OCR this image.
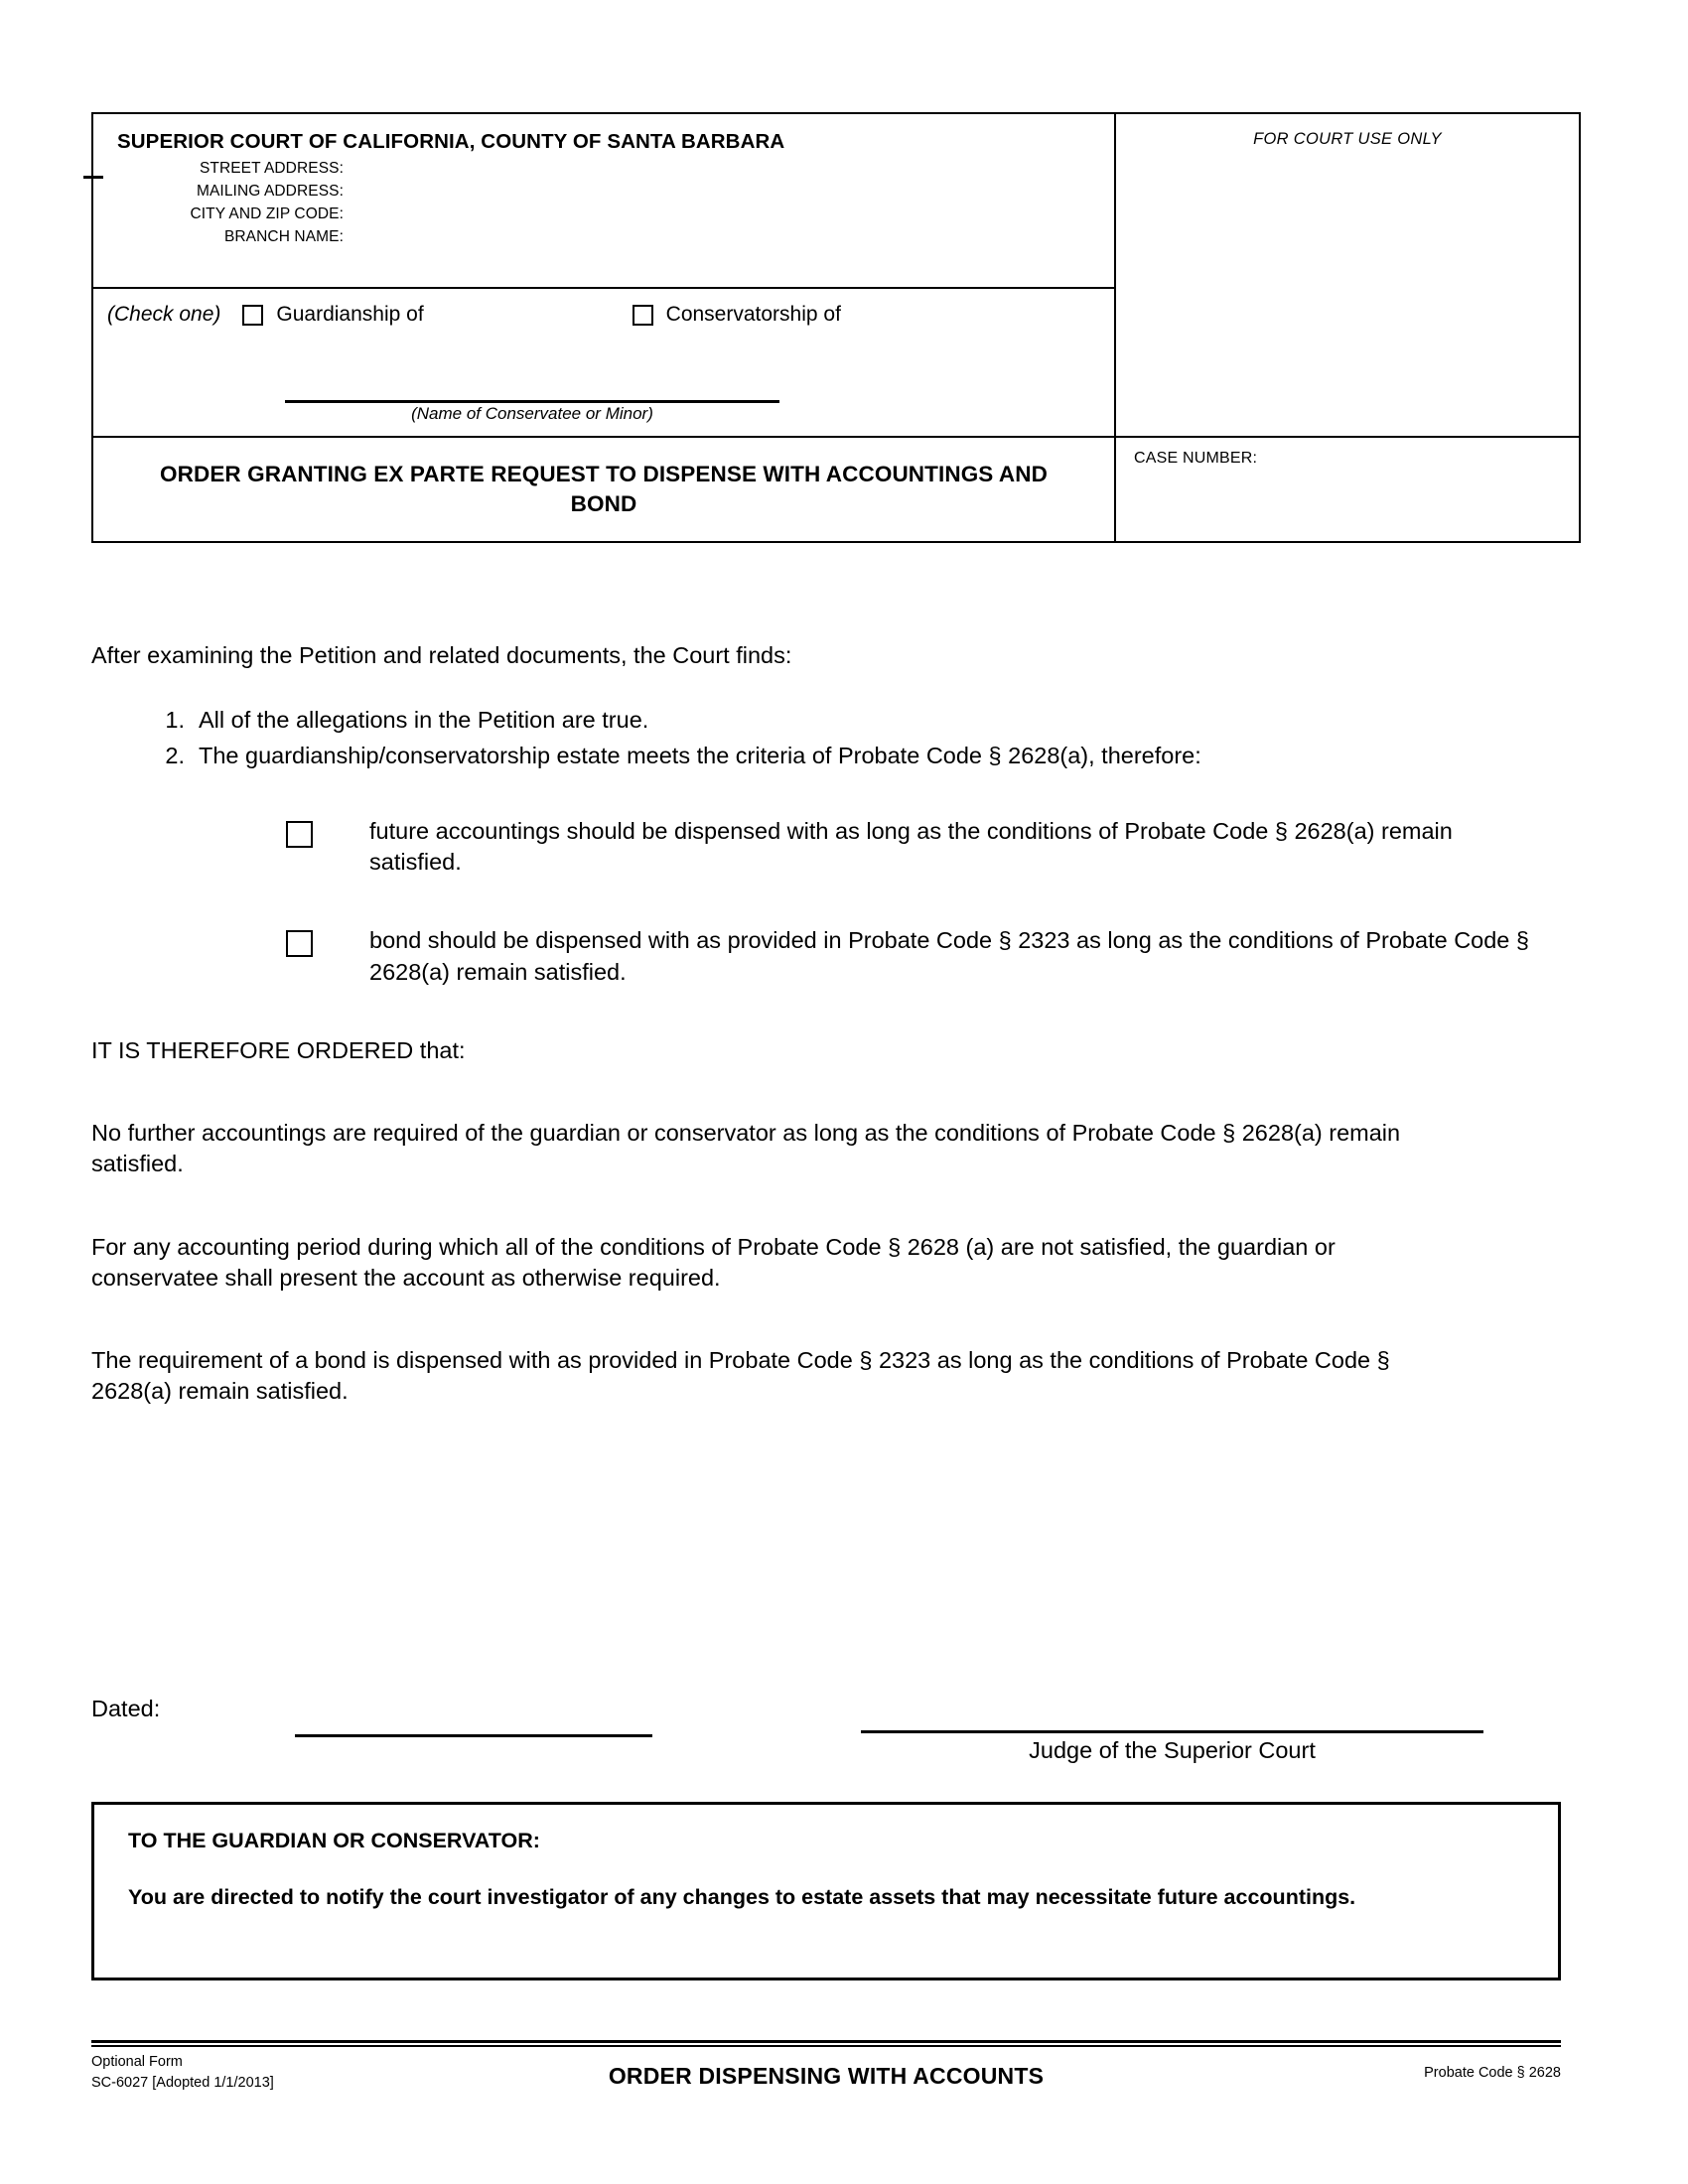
SUPERIOR COURT OF CALIFORNIA, COUNTY OF SANTA BARBARA
STREET ADDRESS:
MAILING ADDRESS:
CITY AND ZIP CODE:
BRANCH NAME:
(Check one)	Guardianship of	Conservatorship of
(Name of Conservatee or Minor)
FOR COURT USE ONLY
ORDER GRANTING EX PARTE REQUEST TO DISPENSE WITH ACCOUNTINGS AND BOND
CASE NUMBER:

After examining the Petition and related documents, the Court finds:

1. All of the allegations in the Petition are true.
2. The guardianship/conservatorship estate meets the criteria of Probate Code § 2628(a), therefore:
future accountings should be dispensed with as long as the conditions of Probate Code § 2628(a) remain satisfied.
bond should be dispensed with as provided in Probate Code § 2323 as long as the conditions of Probate Code § 2628(a) remain satisfied.

IT IS THEREFORE ORDERED that:

No further accountings are required of the guardian or conservator as long as the conditions of Probate Code § 2628(a) remain satisfied.

For any accounting period during which all of the conditions of Probate Code § 2628 (a) are not satisfied, the guardian or conservatee shall present the account as otherwise required.

The requirement of a bond is dispensed with as provided in Probate Code § 2323 as long as the conditions of Probate Code § 2628(a) remain satisfied.

Dated:
Judge of the Superior Court
TO THE GUARDIAN OR CONSERVATOR:
You are directed to notify the court investigator of any changes to estate assets that may necessitate future accountings.
Optional Form
SC-6027 [Adopted 1/1/2013]	ORDER DISPENSING WITH ACCOUNTS	Probate Code § 2628
